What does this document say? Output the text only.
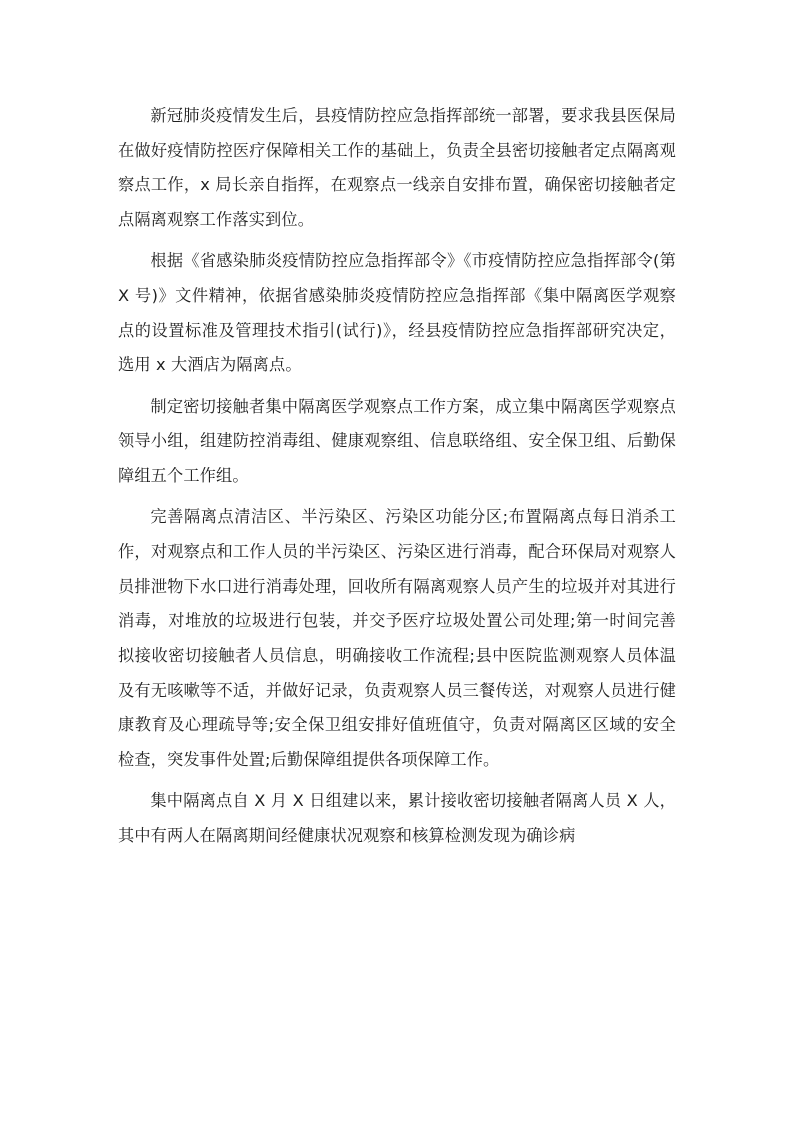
新冠肺炎疫情发生后，县疫情防控应急指挥部统一部署，要求我县医保局在做好疫情防控医疗保障相关工作的基础上，负责全县密切接触者定点隔离观察点工作，x 局长亲自指挥，在观察点一线亲自安排布置，确保密切接触者定点隔离观察工作落实到位。

根据《省感染肺炎疫情防控应急指挥部令》《市疫情防控应急指挥部令(第 X 号)》文件精神，依据省感染肺炎疫情防控应急指挥部《集中隔离医学观察点的设置标准及管理技术指引(试行)》，经县疫情防控应急指挥部研究决定，选用 x 大酒店为隔离点。

制定密切接触者集中隔离医学观察点工作方案，成立集中隔离医学观察点领导小组，组建防控消毒组、健康观察组、信息联络组、安全保卫组、后勤保障组五个工作组。

完善隔离点清洁区、半污染区、污染区功能分区;布置隔离点每日消杀工作，对观察点和工作人员的半污染区、污染区进行消毒，配合环保局对观察人员排泄物下水口进行消毒处理，回收所有隔离观察人员产生的垃圾并对其进行消毒，对堆放的垃圾进行包装，并交予医疗垃圾处置公司处理;第一时间完善拟接收密切接触者人员信息，明确接收工作流程;县中医院监测观察人员体温及有无咳嗽等不适，并做好记录，负责观察人员三餐传送，对观察人员进行健康教育及心理疏导等;安全保卫组安排好值班值守，负责对隔离区区域的安全检查，突发事件处置;后勤保障组提供各项保障工作。

集中隔离点自 X 月 X 日组建以来，累计接收密切接触者隔离人员 X 人，其中有两人在隔离期间经健康状况观察和核算检测发现为确诊病
